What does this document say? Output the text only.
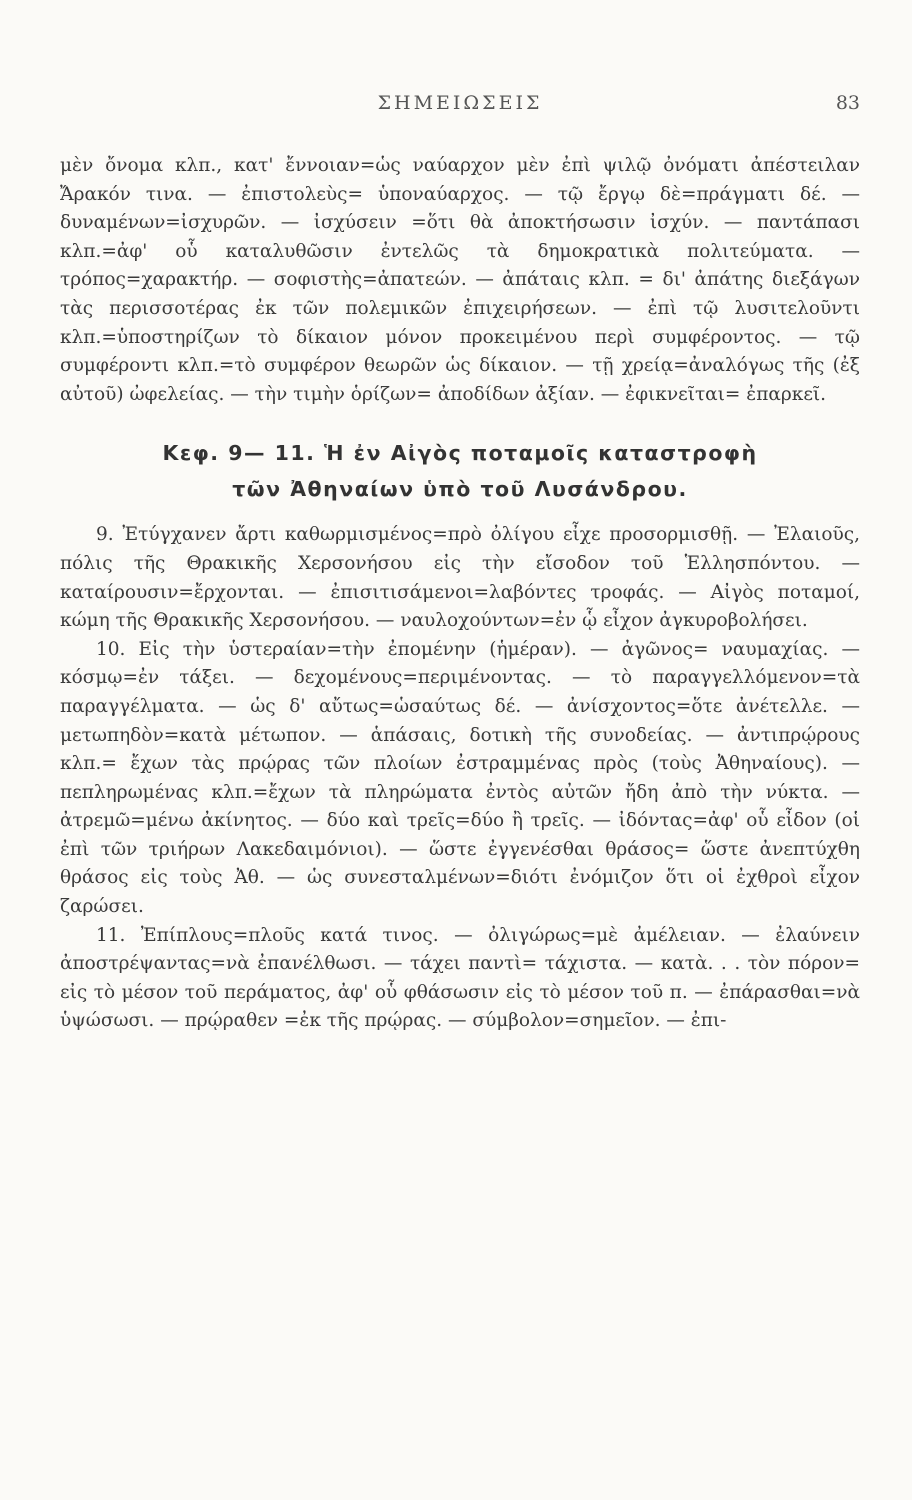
ΣΗΜΕΙΩΣΕΙΣ	83

μὲν ὄνομα κλπ., κατ' ἔννοιαν=ὡς ναύαρχον μὲν ἐπὶ ψιλῷ ὀνόματι ἀπέστειλαν Ἄρακόν τινα. — ἐπιστολεὺς= ὑποναύαρχος. — τῷ ἔργῳ δὲ=πράγματι δέ. — δυναμένων=ἰσχυρῶν. — ἰσχύσειν =ὅτι θὰ ἀποκτήσωσιν ἰσχύν. — παντάπασι κλπ.=ἀφ' οὗ καταλυθῶσιν ἐντελῶς τὰ δημοκρατικὰ πολιτεύματα. — τρόπος=χαρακτήρ. — σοφιστὴς=ἀπατεών. — ἀπάταις κλπ. = δι' ἀπάτης διεξάγων τὰς περισσοτέρας ἐκ τῶν πολεμικῶν ἐπιχειρήσεων. — ἐπὶ τῷ λυσιτελοῦντι κλπ.=ὑποστηρίζων τὸ δίκαιον μόνον προκειμένου περὶ συμφέροντος. — τῷ συμφέροντι κλπ.=τὸ συμφέρον θεωρῶν ὡς δίκαιον. — τῇ χρείᾳ=ἀναλόγως τῆς (ἐξ αὐτοῦ) ὠφελείας. — τὴν τιμὴν ὁρίζων= ἀποδίδων ἀξίαν. — ἐφικνεῖται= ἐπαρκεῖ.

Κεφ. 9— 11. Ἡ ἐν Αἰγὸς ποταμοῖς καταστροφὴ
τῶν Ἀθηναίων ὑπὸ τοῦ Λυσάνδρου.

9. Ἐτύγχανεν ἄρτι καθωρμισμένος=πρὸ ὀλίγου εἶχε προσορμισθῇ. — Ἐλαιοῦς, πόλις τῆς Θρακικῆς Χερσονήσου εἰς τὴν εἴσοδον τοῦ Ἑλλησπόντου. — καταίρουσιν=ἔρχονται. — ἐπισιτισάμενοι=λαβόντες τροφάς. — Αἰγὸς ποταμοί, κώμη τῆς Θρακικῆς Χερσονήσου. — ναυλοχούντων=ἐν ᾧ εἶχον ἀγκυροβολήσει.

10. Εἰς τὴν ὑστεραίαν=τὴν ἐπομένην (ἡμέραν). — ἀγῶνος= ναυμαχίας. — κόσμῳ=ἐν τάξει. — δεχομένους=περιμένοντας. — τὸ παραγγελλόμενον=τὰ παραγγέλματα. — ὡς δ' αὔτως=ὡσαύτως δέ. — ἀνίσχοντος=ὅτε ἀνέτελλε. — μετωπηδὸν=κατὰ μέτωπον. — ἁπάσαις, δοτικὴ τῆς συνοδείας. — ἀντιπρῴρους κλπ.= ἔχων τὰς πρῴρας τῶν πλοίων ἐστραμμένας πρὸς (τοὺς Ἀθηναίους). — πεπληρωμένας κλπ.=ἔχων τὰ πληρώματα ἐντὸς αὐτῶν ἤδη ἀπὸ τὴν νύκτα. — ἀτρεμῶ=μένω ἀκίνητος. — δύο καὶ τρεῖς=δύο ἢ τρεῖς. — ἰδόντας=ἀφ' οὗ εἶδον (οἱ ἐπὶ τῶν τριήρων Λακεδαιμόνιοι). — ὥστε ἐγγενέσθαι θράσος= ὥστε ἀνεπτύχθη θράσος εἰς τοὺς Ἀθ. — ὡς συνεσταλμένων=διότι ἐνόμιζον ὅτι οἱ ἐχθροὶ εἶχον ζαρώσει.

11. Ἐπίπλους=πλοῦς κατά τινος. — ὀλιγώρως=μὲ ἀμέλειαν. — ἐλαύνειν ἀποστρέψαντας=νὰ ἐπανέλθωσι. — τάχει παντὶ= τάχιστα. — κατὰ. . . τὸν πόρον= εἰς τὸ μέσον τοῦ περάματος, ἀφ' οὗ φθάσωσιν εἰς τὸ μέσον τοῦ π. — ἐπάρασθαι=νὰ ὑψώσωσι. — πρῴραθεν =ἐκ τῆς πρῴρας. — σύμβολον=σημεῖον. — ἐπι-
